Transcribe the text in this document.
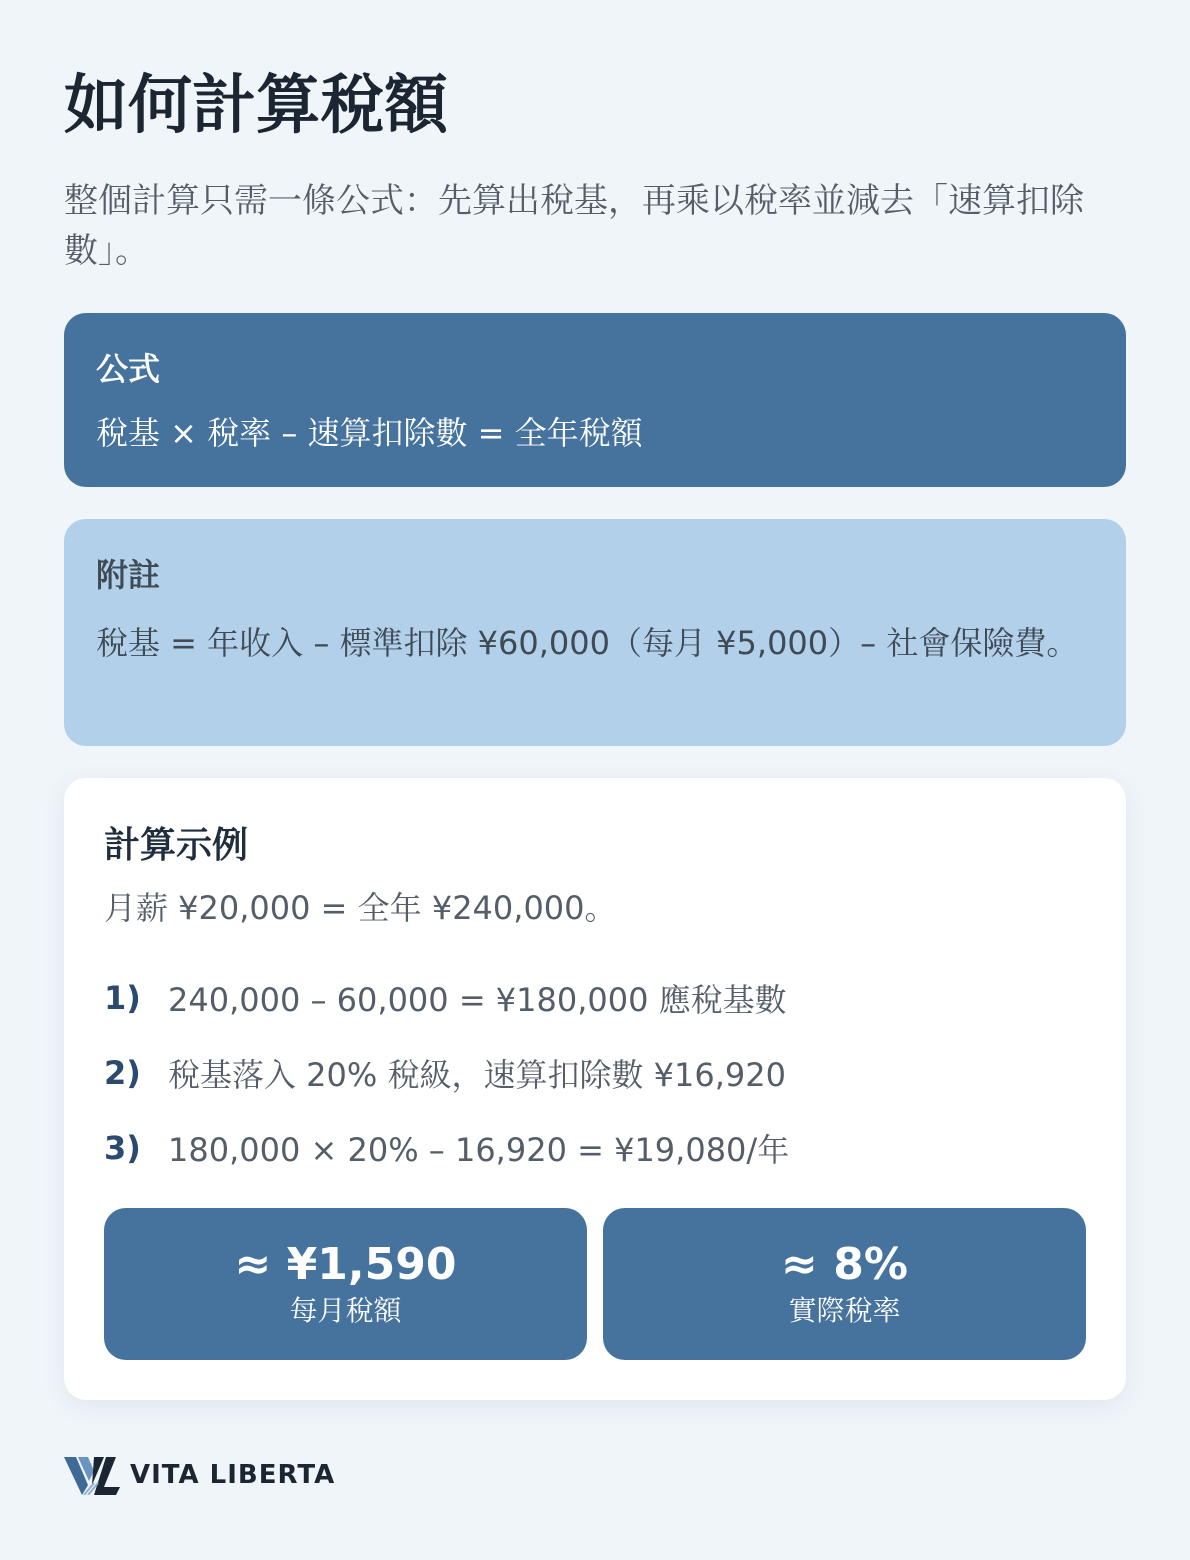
如何計算稅額

整個計算只需一條公式：先算出稅基，再乘以稅率並減去「速算扣除數」。

公式
稅基 × 稅率 – 速算扣除數 = 全年稅額
附註
稅基 = 年收入 – 標準扣除 ¥60,000（每月 ¥5,000）– 社會保險費。
計算示例
月薪 ¥20,000 = 全年 ¥240,000。
1) 240,000 – 60,000 = ¥180,000 應稅基數
2) 稅基落入 20% 稅級，速算扣除數 ¥16,920
3) 180,000 × 20% – 16,920 = ¥19,080/年
≈ ¥1,590
每月稅額
≈ 8%
實際稅率
VITA LIBERTA
